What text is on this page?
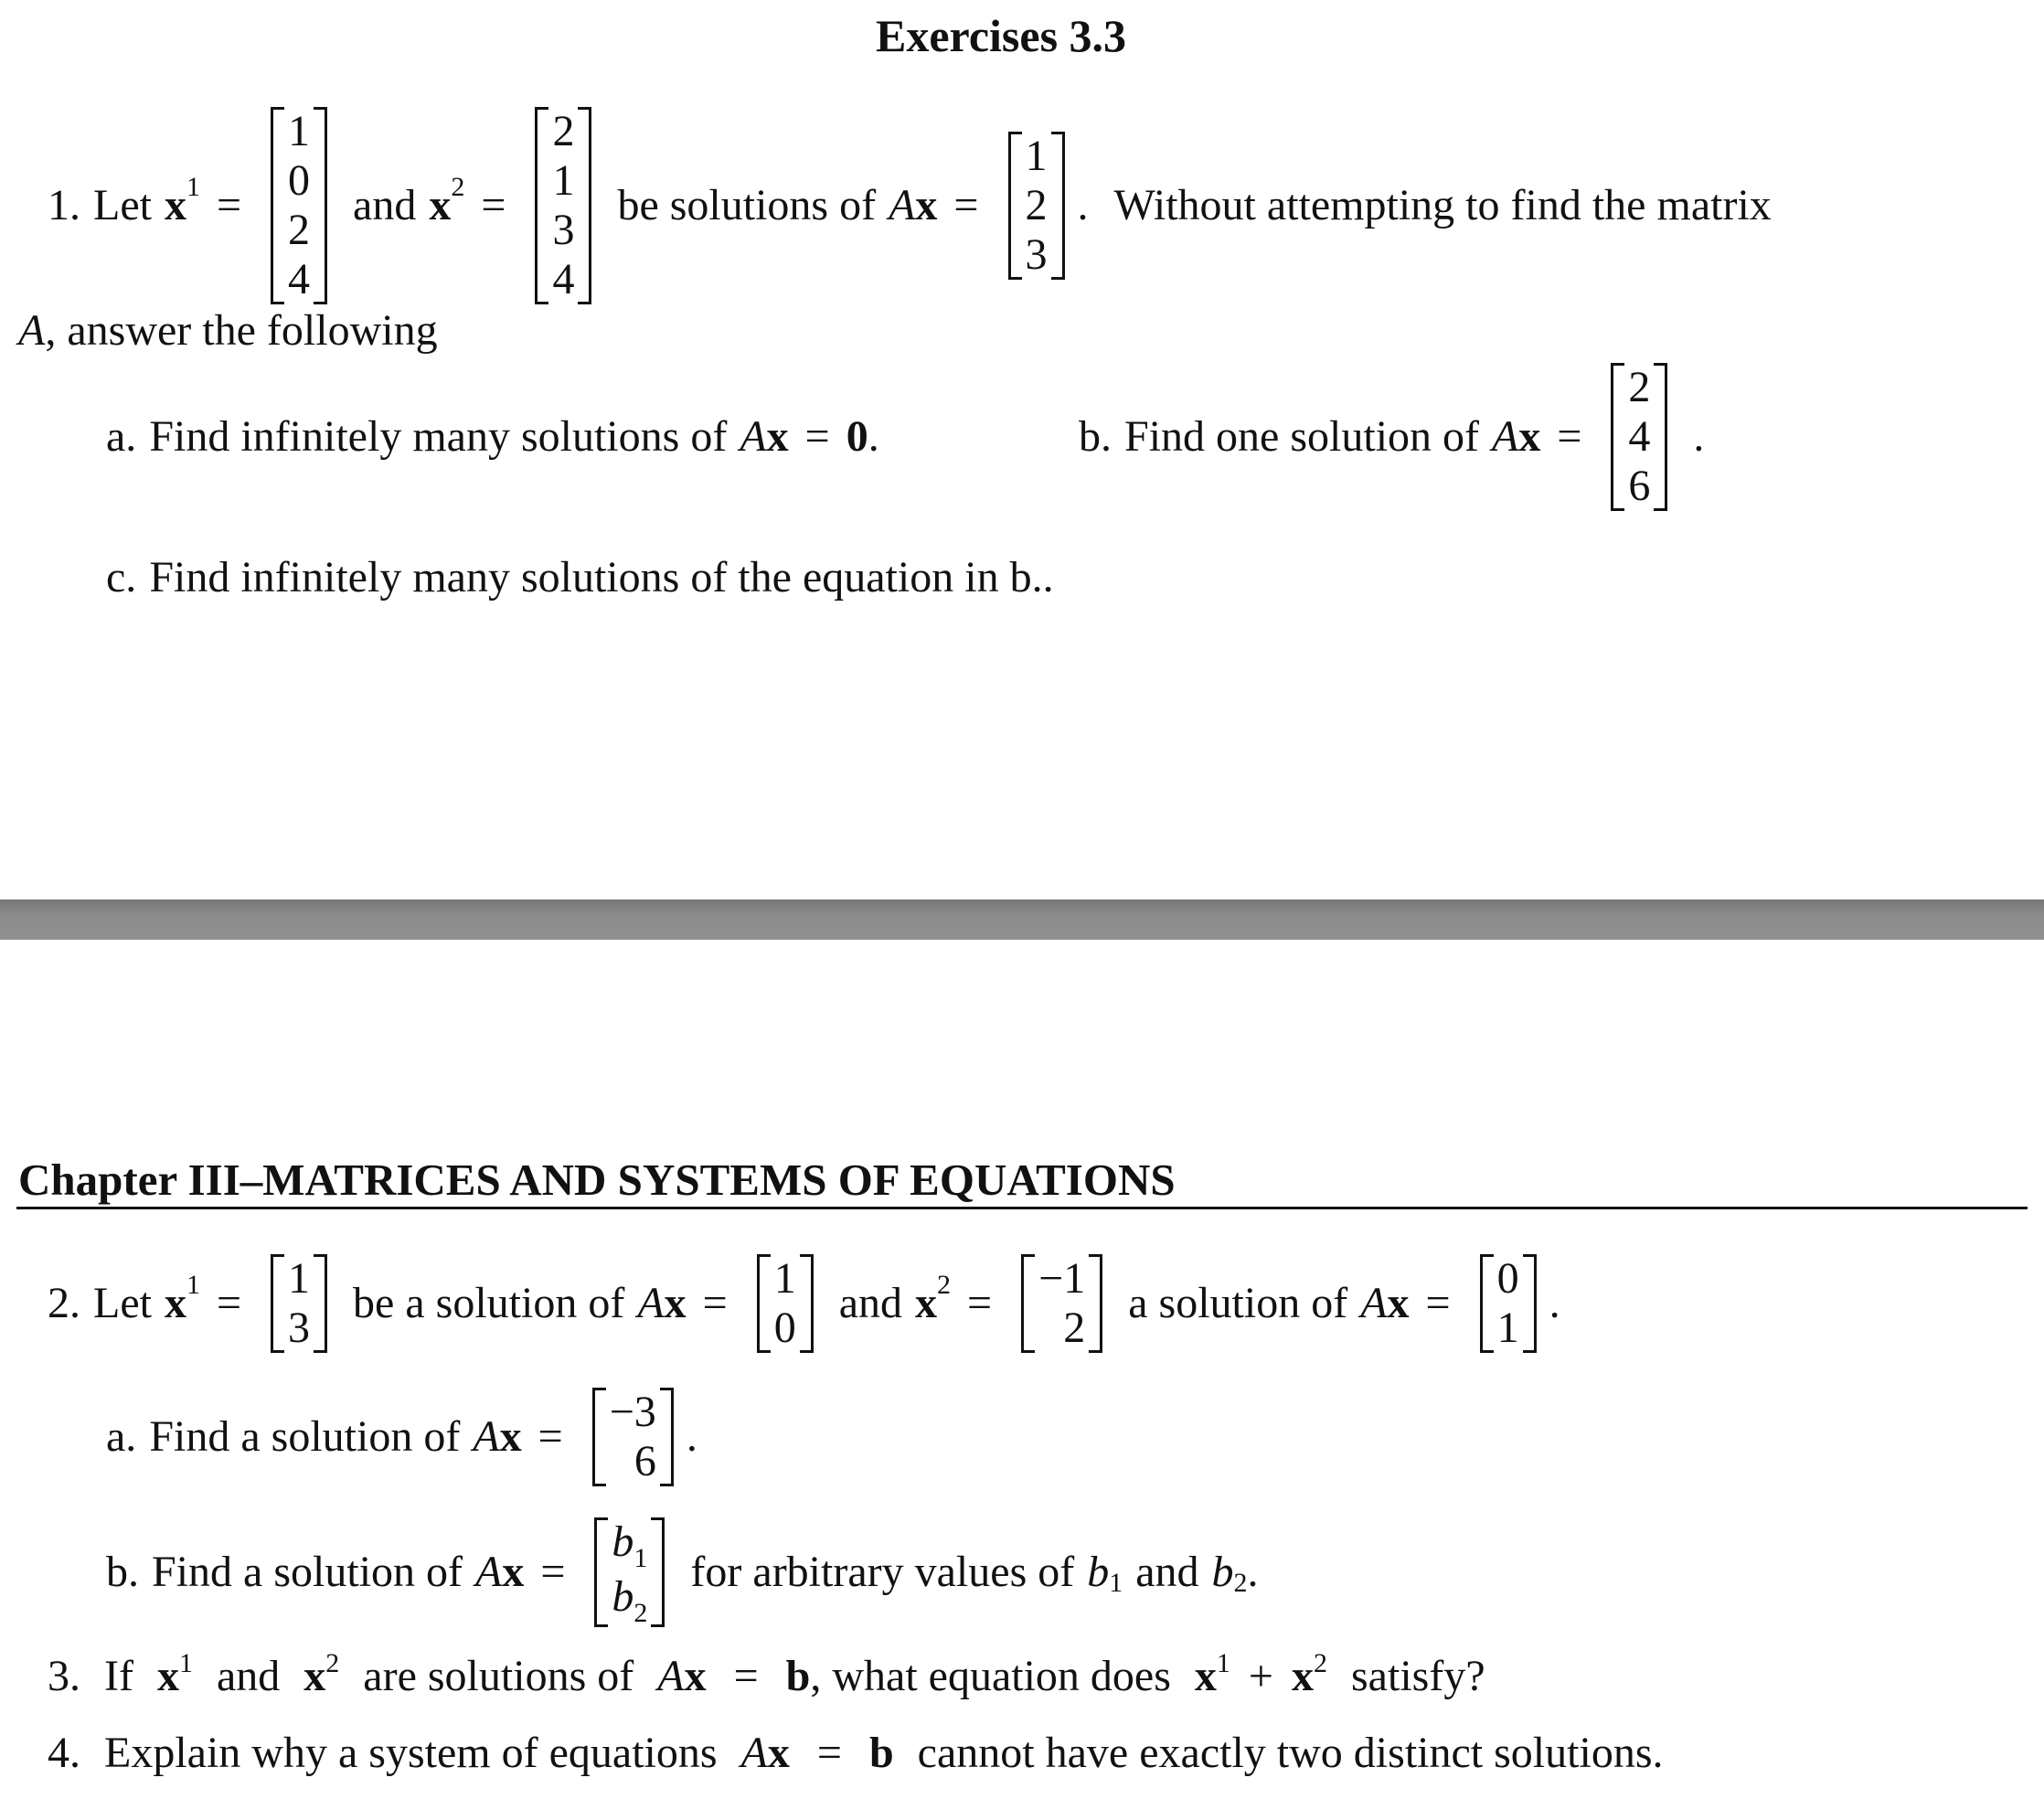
Exercises 3.3
1. Let $x^1$ =
1
0
2
4
and $x^2$ =
2
1
3
4
be solutions of A x =
1
2
3
. Without attempting to find the matrix
A, answer the following
a. Find infinitely many solutions of A x = 0 .	b. Find one solution of A x =
2
4
6
.
c. Find infinitely many solutions of the equation in b..
Chapter III–MATRICES AND SYSTEMS OF EQUATIONS
2. Let $x^1$ =
1
3
be a solution of A x =
1
0
and $x^2$ =
−1
2
a solution of A x =
0
1
.
a. Find a solution of A x =
−3
6
.
b. Find a solution of A x =
$b_1$
$b_2$
for arbitrary values of $b_1$ and $b_2$ .
3. If $x^1$ and $x^2$ are solutions of Ax = b, what equation does $x^1 + x^2$ satisfy?
4. Explain why a system of equations Ax = b cannot have exactly two distinct solutions.
